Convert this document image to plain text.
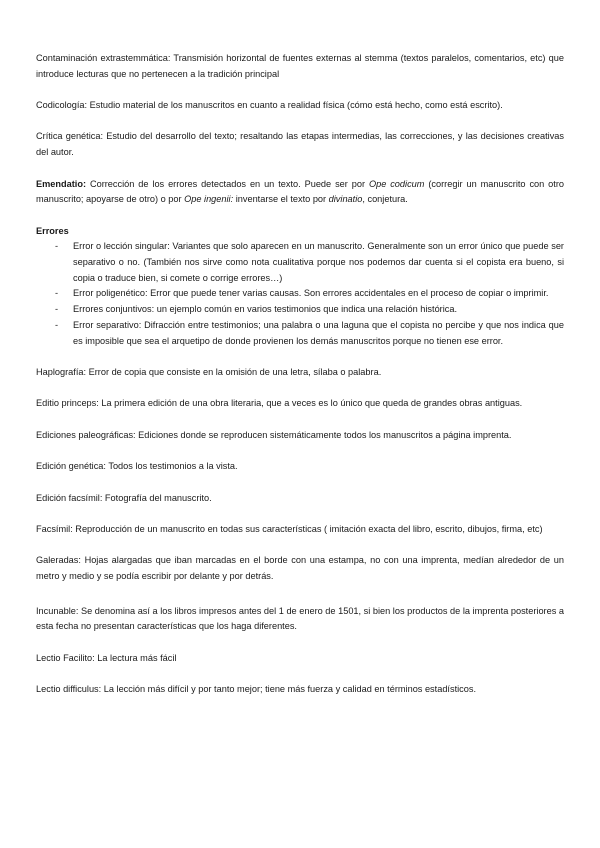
Contaminación extrastemmática: Transmisión horizontal de fuentes externas al stemma (textos paralelos, comentarios, etc) que introduce lecturas que no pertenecen a la tradición principal

Codicología: Estudio material de los manuscritos en cuanto a realidad física (cómo está hecho, como está escrito).

Crítica genética: Estudio del desarrollo del texto; resaltando las etapas intermedias, las correcciones, y las decisiones creativas del autor.

Emendatio: Corrección de los errores detectados en un texto. Puede ser por Ope codicum (corregir un manuscrito con otro manuscrito; apoyarse de otro) o por Ope ingenii: inventarse el texto por divinatio, conjetura.

Errores

- Error o lección singular: Variantes que solo aparecen en un manuscrito. Generalmente son un error único que puede ser separativo o no. (También nos sirve como nota cualitativa porque nos podemos dar cuenta si el copista era bueno, si copia o traduce bien, si comete o corrige errores…)
- Error poligenético: Error que puede tener varias causas. Son errores accidentales en el proceso de copiar o imprimir.
- Errores conjuntivos: un ejemplo común en varios testimonios que indica una relación histórica.
- Error separativo: Difracción entre testimonios; una palabra o una laguna que el copista no percibe y que nos indica que es imposible que sea el arquetipo de donde provienen los demás manuscritos porque no tienen ese error.

Haplografía: Error de copia que consiste en la omisión de una letra, sílaba o palabra.

Editio princeps: La primera edición de una obra literaria, que a veces es lo único que queda de grandes obras antiguas.

Ediciones paleográficas: Ediciones donde se reproducen sistemáticamente todos los manuscritos a página imprenta.

Edición genética: Todos los testimonios a la vista.

Edición facsímil: Fotografía del manuscrito.

Facsímil: Reproducción de un manuscrito en todas sus características ( imitación exacta del libro, escrito, dibujos, firma, etc)

Galeradas: Hojas alargadas que iban marcadas en el borde con una estampa, no con una imprenta, medían alrededor de un metro y medio y se podía escribir por delante y por detrás.

Incunable: Se denomina así a los libros impresos antes del 1 de enero de 1501, si bien los productos de la imprenta posteriores a esta fecha no presentan características que los haga diferentes.

Lectio Facilito: La lectura más fácil

Lectio difficulus: La lección más difícil y por tanto mejor; tiene más fuerza y calidad en términos estadísticos.
